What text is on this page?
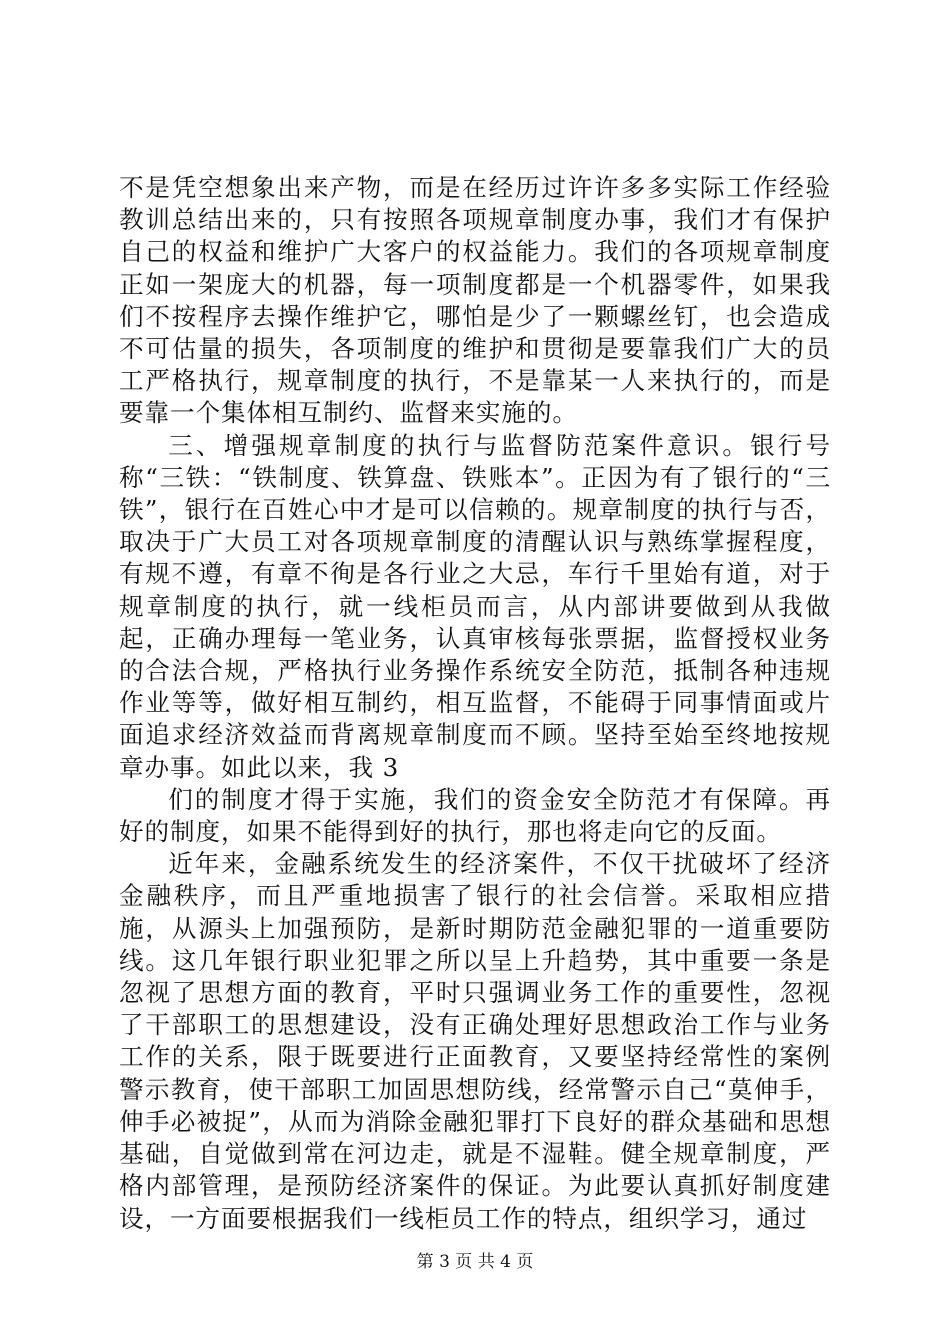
不是凭空想象出来产物，而是在经历过许许多多实际工作经验教训总结出来的，只有按照各项规章制度办事，我们才有保护自己的权益和维护广大客户的权益能力。我们的各项规章制度正如一架庞大的机器，每一项制度都是一个机器零件，如果我们不按程序去操作维护它，哪怕是少了一颗螺丝钉，也会造成不可估量的损失，各项制度的维护和贯彻是要靠我们广大的员工严格执行，规章制度的执行，不是靠某一人来执行的，而是要靠一个集体相互制约、监督来实施的。

三、增强规章制度的执行与监督防范案件意识。银行号称“三铁：“铁制度、铁算盘、铁账本”。正因为有了银行的“三铁”，银行在百姓心中才是可以信赖的。规章制度的执行与否，取决于广大员工对各项规章制度的清醒认识与熟练掌握程度，有规不遵，有章不徇是各行业之大忌，车行千里始有道，对于规章制度的执行，就一线柜员而言，从内部讲要做到从我做起，正确办理每一笔业务，认真审核每张票据，监督授权业务的合法合规，严格执行业务操作系统安全防范，抵制各种违规作业等等，做好相互制约，相互监督，不能碍于同事情面或片面追求经济效益而背离规章制度而不顾。坚持至始至终地按规章办事。如此以来，我 3

们的制度才得于实施，我们的资金安全防范才有保障。再好的制度，如果不能得到好的执行，那也将走向它的反面。

近年来，金融系统发生的经济案件，不仅干扰破坏了经济金融秩序，而且严重地损害了银行的社会信誉。采取相应措施，从源头上加强预防，是新时期防范金融犯罪的一道重要防线。这几年银行职业犯罪之所以呈上升趋势，其中重要一条是忽视了思想方面的教育，平时只强调业务工作的重要性，忽视了干部职工的思想建设，没有正确处理好思想政治工作与业务工作的关系，限于既要进行正面教育，又要坚持经常性的案例警示教育，使干部职工加固思想防线，经常警示自己“莫伸手，伸手必被捉”，从而为消除金融犯罪打下良好的群众基础和思想基础，自觉做到常在河边走，就是不湿鞋。健全规章制度，严格内部管理，是预防经济案件的保证。为此要认真抓好制度建设，一方面要根据我们一线柜员工作的特点，组织学习，通过

第 3 页 共 4 页
